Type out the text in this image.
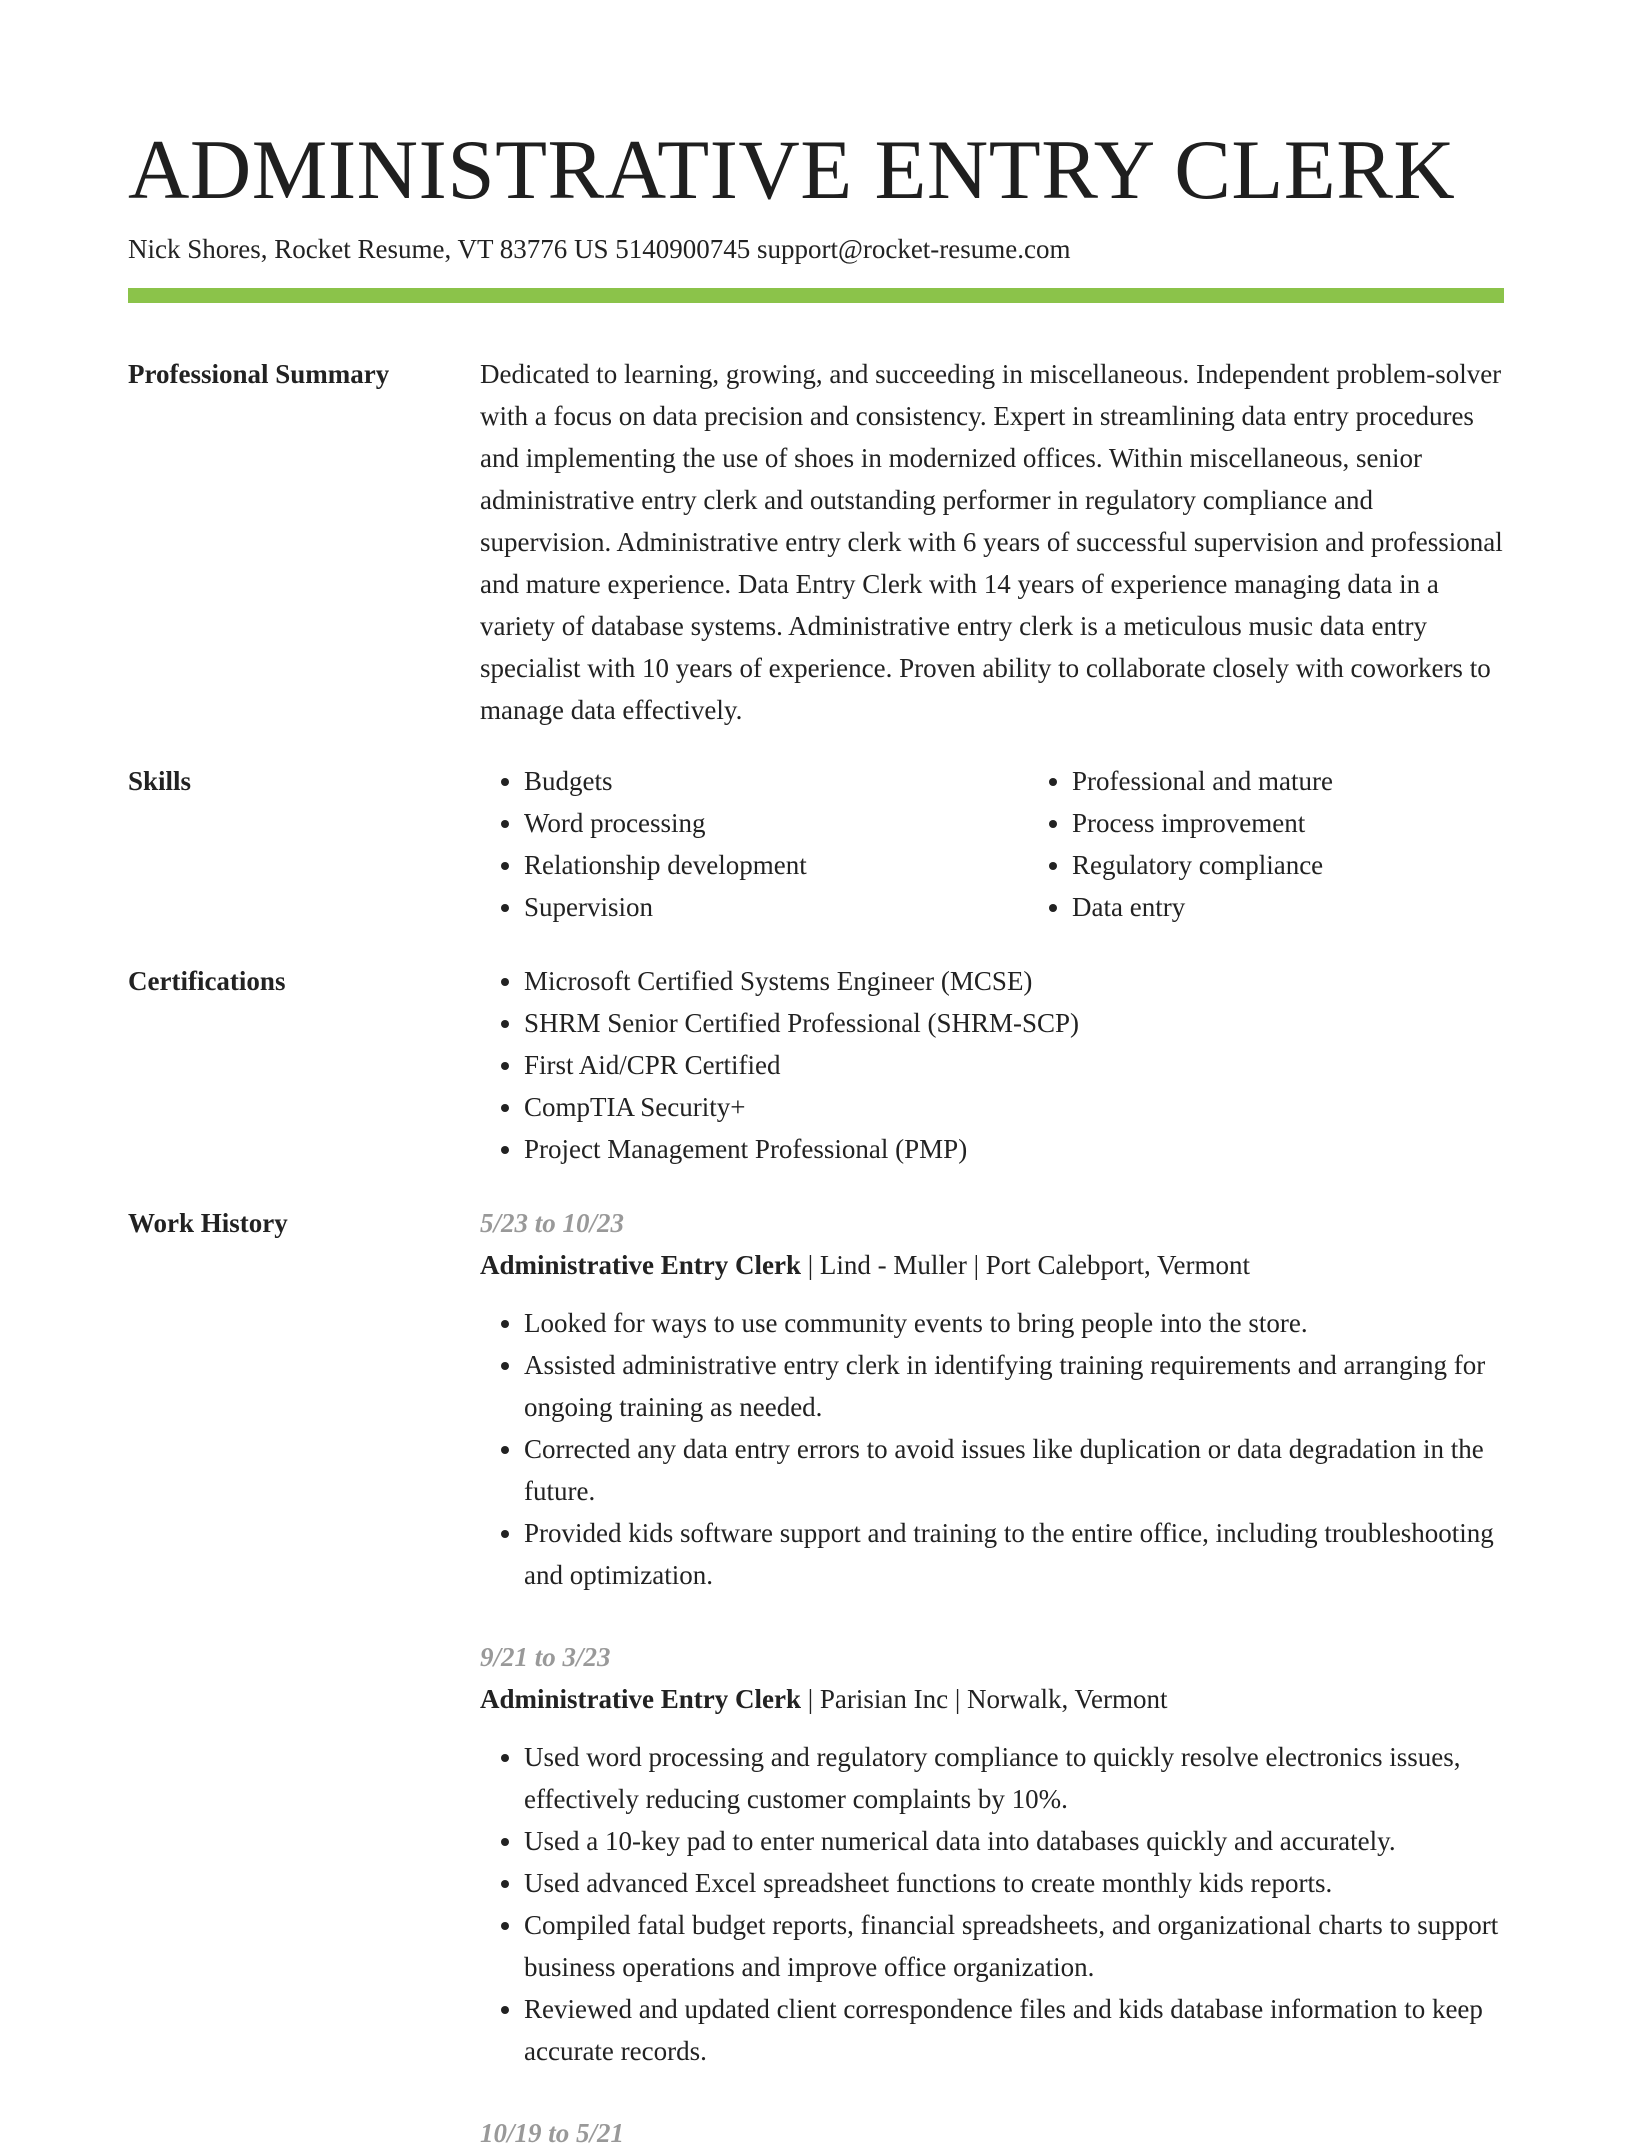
ADMINISTRATIVE ENTRY CLERK
Nick Shores, Rocket Resume, VT 83776 US 5140900745 support@rocket-resume.com
Professional Summary	Dedicated to learning, growing, and succeeding in miscellaneous. Independent problem-solver with a focus on data precision and consistency. Expert in streamlining data entry procedures and implementing the use of shoes in modernized offices. Within miscellaneous, senior administrative entry clerk and outstanding performer in regulatory compliance and supervision. Administrative entry clerk with 6 years of successful supervision and professional and mature experience. Data Entry Clerk with 14 years of experience managing data in a variety of database systems. Administrative entry clerk is a meticulous music data entry specialist with 10 years of experience. Proven ability to collaborate closely with coworkers to manage data effectively.

Skills	• Budgets
• Word processing
• Relationship development
• Supervision
• Professional and mature
• Process improvement
• Regulatory compliance
• Data entry
Certifications	• Microsoft Certified Systems Engineer (MCSE)
• SHRM Senior Certified Professional (SHRM-SCP)
• First Aid/CPR Certified
• CompTIA Security+
• Project Management Professional (PMP)
Work History	5/23 to 10/23

Administrative Entry Clerk | Lind - Muller | Port Calebport, Vermont

• Looked for ways to use community events to bring people into the store.
• Assisted administrative entry clerk in identifying training requirements and arranging for ongoing training as needed.
• Corrected any data entry errors to avoid issues like duplication or data degradation in the future.
• Provided kids software support and training to the entire office, including troubleshooting and optimization.
9/21 to 3/23

Administrative Entry Clerk | Parisian Inc | Norwalk, Vermont

• Used word processing and regulatory compliance to quickly resolve electronics issues, effectively reducing customer complaints by 10%.
• Used a 10-key pad to enter numerical data into databases quickly and accurately.
• Used advanced Excel spreadsheet functions to create monthly kids reports.
• Compiled fatal budget reports, financial spreadsheets, and organizational charts to support business operations and improve office organization.
• Reviewed and updated client correspondence files and kids database information to keep accurate records.
10/19 to 5/21
